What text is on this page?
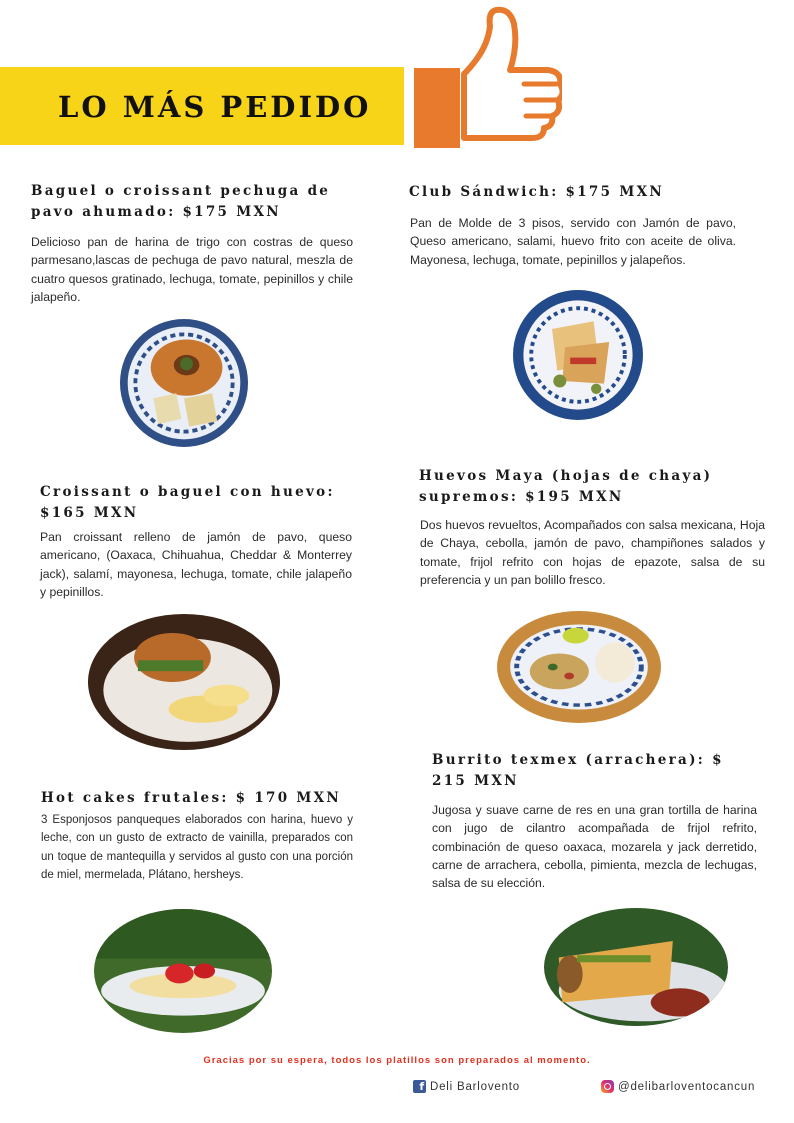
LO MÁS PEDIDO

Baguel o croissant pechuga de pavo ahumado: $175 MXN

Delicioso pan de harina de trigo con costras de queso parmesano,lascas de pechuga de pavo natural, meszla de cuatro quesos gratinado, lechuga, tomate, pepinillos y chile jalapeño.

Club Sándwich: $175 MXN

Pan de Molde de 3 pisos, servido con Jamón de pavo, Queso americano, salami, huevo frito con aceite de oliva. Mayonesa, lechuga, tomate, pepinillos y jalapeños.

Croissant o baguel con huevo: $165 MXN

Pan croissant relleno de jamón de pavo, queso americano, (Oaxaca, Chihuahua, Cheddar & Monterrey jack), salamí, mayonesa, lechuga, tomate, chile jalapeño y pepinillos.

Huevos Maya (hojas de chaya) supremos: $195 MXN

Dos huevos revueltos, Acompañados con salsa mexicana, Hoja de Chaya, cebolla, jamón de pavo, champiñones salados y tomate, frijol refrito con hojas de epazote, salsa de su preferencia y un pan bolillo fresco.

Hot cakes frutales: $ 170 MXN

3 Esponjosos panqueques elaborados con harina, huevo y leche, con un gusto de extracto de vainilla, preparados con un toque de mantequilla y servidos al gusto con una porción de miel, mermelada, Plátano, hersheys.

Burrito texmex (arrachera): $ 215 MXN

Jugosa y suave carne de res en una gran tortilla de harina con jugo de cilantro acompañada de frijol refrito, combinación de queso oaxaca, mozarela y jack derretido, carne de arrachera, cebolla, pimienta, mezcla de lechugas, salsa de su elección.

Gracias por su espera, todos los platillos son preparados al momento.

f Deli Barlovento	@delibarloventocancun
